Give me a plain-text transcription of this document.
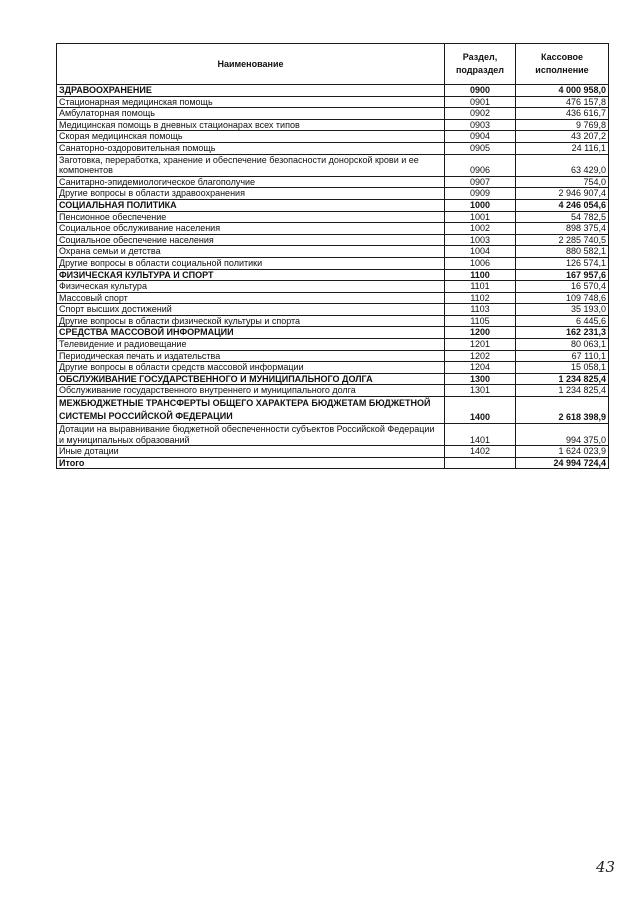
Наименование	Раздел, подраздел	Кассовое исполнение
ЗДРАВООХРАНЕНИЕ	0900	4 000 958,0
Стационарная медицинская помощь	0901	476 157,8
Амбулаторная помощь	0902	436 616,7
Медицинская помощь в дневных стационарах всех типов	0903	9 769,8
Скорая медицинская помощь	0904	43 207,2
Санаторно-оздоровительная помощь	0905	24 116,1
Заготовка, переработка, хранение и обеспечение безопасности донорской крови и ее компонентов	0906	63 429,0
Санитарно-эпидемиологическое благополучие	0907	754,0
Другие вопросы в области здравоохранения	0909	2 946 907,4
СОЦИАЛЬНАЯ ПОЛИТИКА	1000	4 246 054,6
Пенсионное обеспечение	1001	54 782,5
Социальное обслуживание населения	1002	898 375,4
Социальное обеспечение населения	1003	2 285 740,5
Охрана семьи и детства	1004	880 582,1
Другие вопросы в области социальной политики	1006	126 574,1
ФИЗИЧЕСКАЯ КУЛЬТУРА И СПОРТ	1100	167 957,6
Физическая культура	1101	16 570,4
Массовый спорт	1102	109 748,6
Спорт высших достижений	1103	35 193,0
Другие вопросы в области физической культуры и спорта	1105	6 445,6
СРЕДСТВА МАССОВОЙ ИНФОРМАЦИИ	1200	162 231,3
Телевидение и радиовещание	1201	80 063,1
Периодическая печать и издательства	1202	67 110,1
Другие вопросы в области средств массовой информации	1204	15 058,1
ОБСЛУЖИВАНИЕ ГОСУДАРСТВЕННОГО И МУНИЦИПАЛЬНОГО ДОЛГА	1300	1 234 825,4
Обслуживание государственного внутреннего и муниципального долга	1301	1 234 825,4
МЕЖБЮДЖЕТНЫЕ ТРАНСФЕРТЫ ОБЩЕГО ХАРАКТЕРА БЮДЖЕТАМ БЮДЖЕТНОЙ СИСТЕМЫ РОССИЙСКОЙ ФЕДЕРАЦИИ	1400	2 618 398,9
Дотации на выравнивание бюджетной обеспеченности субъектов Российской Федерации и муниципальных образований	1401	994 375,0
Иные дотации	1402	1 624 023,9
Итого		24 994 724,4
43
